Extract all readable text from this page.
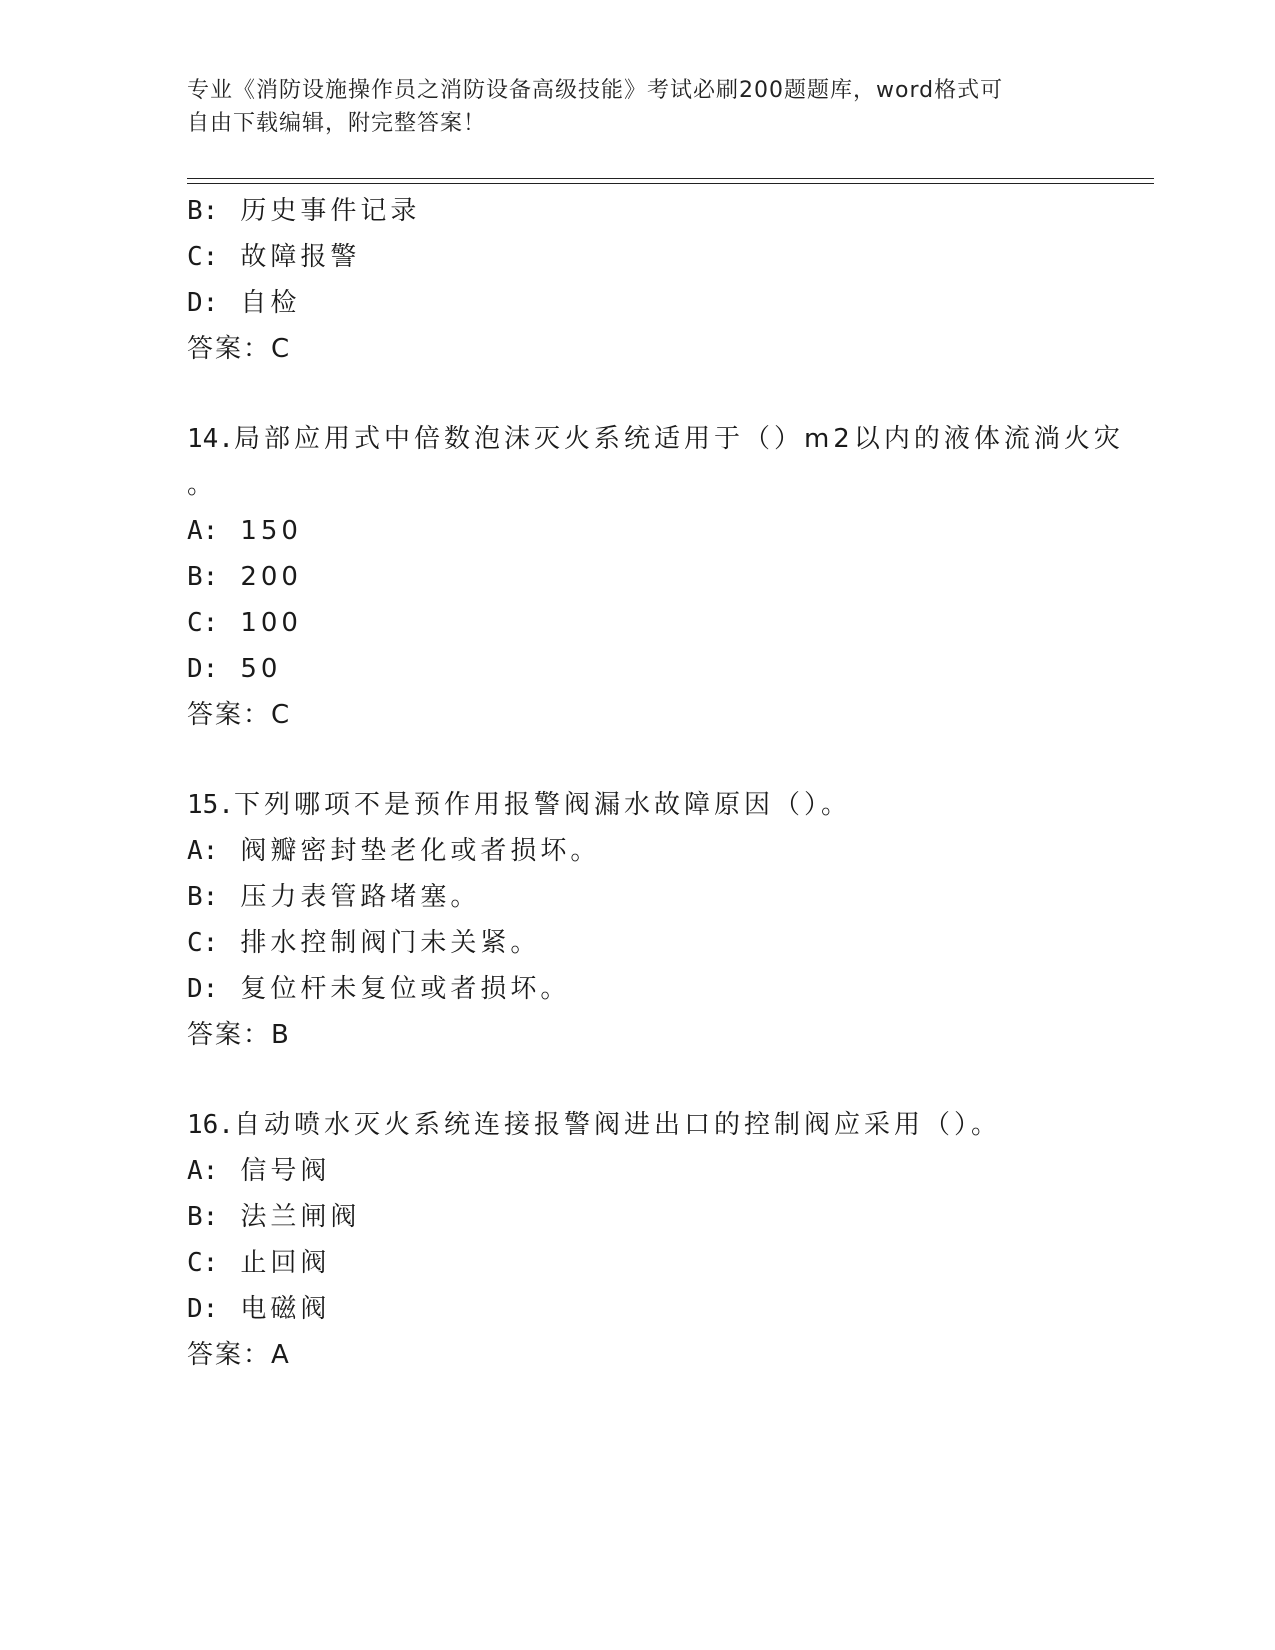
专业《消防设施操作员之消防设备高级技能》考试必刷200题题库，word格式可
自由下载编辑，附完整答案！
B: 历史事件记录
C: 故障报警
D: 自检
答案：C
14.局部应用式中倍数泡沫灭火系统适用于（）m2以内的液体流淌火灾
。
A: 150
B: 200
C: 100
D: 50
答案：C
15.下列哪项不是预作用报警阀漏水故障原因（）。
A: 阀瓣密封垫老化或者损坏。
B: 压力表管路堵塞。
C: 排水控制阀门未关紧。
D: 复位杆未复位或者损坏。
答案：B
16.自动喷水灭火系统连接报警阀进出口的控制阀应采用（）。
A: 信号阀
B: 法兰闸阀
C: 止回阀
D: 电磁阀
答案：A
